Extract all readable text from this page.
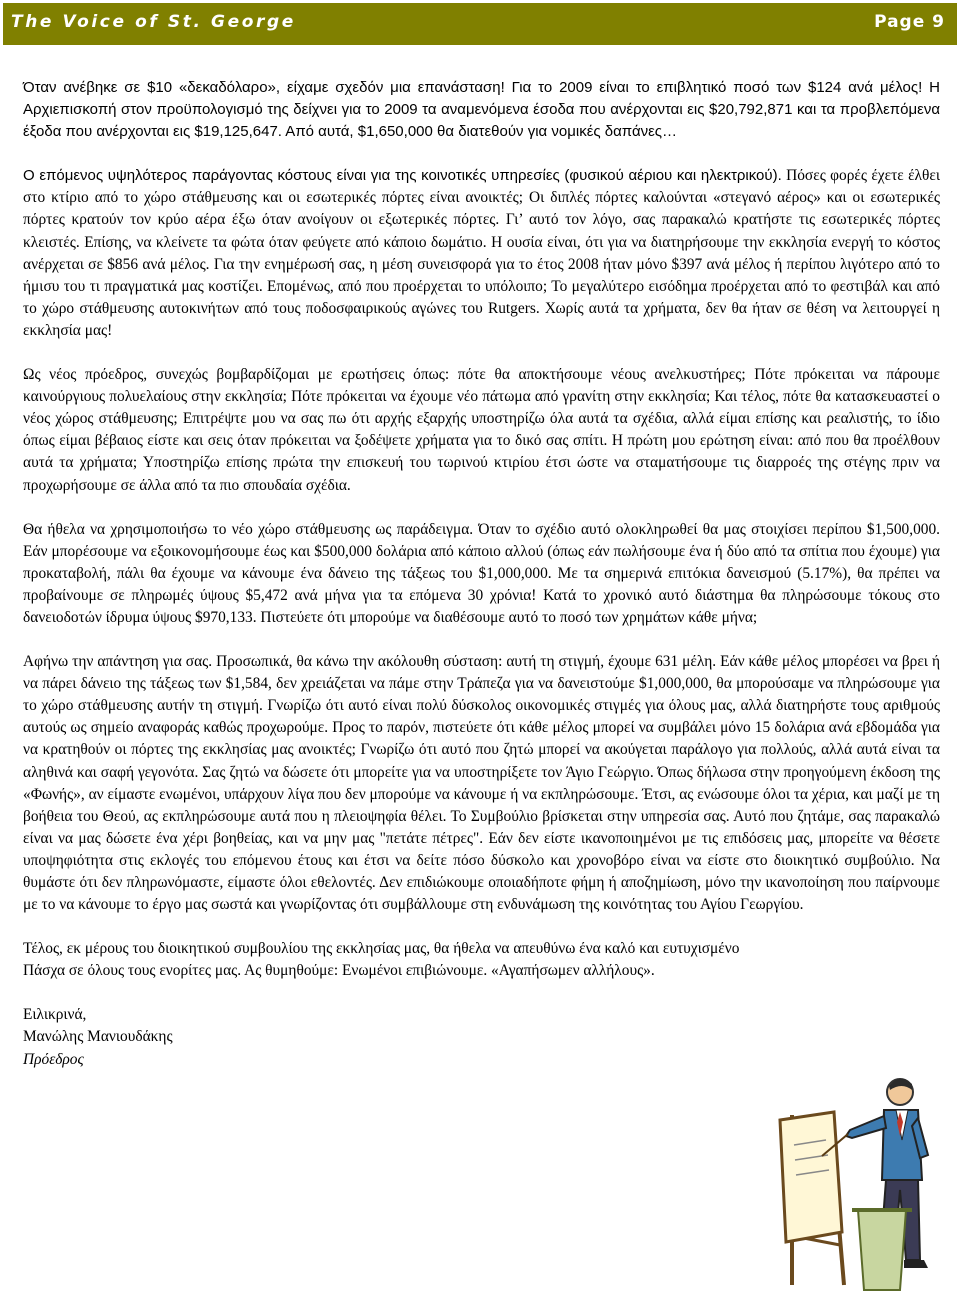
The Voice of St. George	Page 9

Όταν ανέβηκε σε $10 «δεκαδόλαρο», είχαμε σχεδόν μια επανάσταση! Για το 2009 είναι το επιβλητικό ποσό των $124 ανά μέλος! Η Αρχιεπισκοπή στον προϋπολογισμό της δείχνει για το 2009 τα αναμενόμενα έσοδα που ανέρχονται εις $20,792,871 και τα προβλεπόμενα έξοδα που ανέρχονται εις $19,125,647. Από αυτά, $1,650,000 θα διατεθούν για νομικές δαπάνες…

Ο επόμενος υψηλότερος παράγοντας κόστους είναι για της κοινοτικές υπηρεσίες (φυσικού αέριου και ηλεκτρικού). Πόσες φορές έχετε έλθει στο κτίριο από το χώρο στάθμευσης και οι εσωτερικές πόρτες είναι ανοικτές; Οι διπλές πόρτες καλούνται «στεγανό αέρος» και οι εσωτερικές πόρτες κρατούν τον κρύο αέρα έξω όταν ανοίγουν οι εξωτερικές πόρτες. Γι’ αυτό τον λόγο, σας παρακαλώ κρατήστε τις εσωτερικές πόρτες κλειστές. Επίσης, να κλείνετε τα φώτα όταν φεύγετε από κάποιο δωμάτιο. Η ουσία είναι, ότι για να διατηρήσουμε την εκκλησία ενεργή το κόστος ανέρχεται σε $856 ανά μέλος. Για την ενημέρωσή σας, η μέση συνεισφορά για το έτος 2008 ήταν μόνο $397 ανά μέλος ή περίπου λιγότερο από το ήμισυ του τι πραγματικά μας κοστίζει. Επομένως, από που προέρχεται το υπόλοιπο; Το μεγαλύτερο εισόδημα προέρχεται από το φεστιβάλ και από το χώρο στάθμευσης αυτοκινήτων από τους ποδοσφαιρικούς αγώνες του Rutgers. Χωρίς αυτά τα χρήματα, δεν θα ήταν σε θέση να λειτουργεί η εκκλησία μας!

Ως νέος πρόεδρος, συνεχώς βομβαρδίζομαι με ερωτήσεις όπως: πότε θα αποκτήσουμε νέους ανελκυστήρες; Πότε πρόκειται να πάρουμε καινούργιους πολυελαίους στην εκκλησία; Πότε πρόκειται να έχουμε νέο πάτωμα από γρανίτη στην εκκλησία; Και τέλος, πότε θα κατασκευαστεί ο νέος χώρος στάθμευσης; Επιτρέψτε μου να σας πω ότι αρχής εξαρχής υποστηρίζω όλα αυτά τα σχέδια, αλλά είμαι επίσης και ρεαλιστής, το ίδιο όπως είμαι βέβαιος είστε και σεις όταν πρόκειται να ξοδέψετε χρήματα για το δικό σας σπίτι. Η πρώτη μου ερώτηση είναι: από που θα προέλθουν αυτά τα χρήματα; Υποστηρίζω επίσης πρώτα την επισκευή του τωρινού κτιρίου έτσι ώστε να σταματήσουμε τις διαρροές της στέγης πριν να προχωρήσουμε σε άλλα από τα πιο σπουδαία σχέδια.

Θα ήθελα να χρησιμοποιήσω το νέο χώρο στάθμευσης ως παράδειγμα. Όταν το σχέδιο αυτό ολοκληρωθεί θα μας στοιχίσει περίπου $1,500,000. Εάν μπορέσουμε να εξοικονομήσουμε έως και $500,000 δολάρια από κάποιο αλλού (όπως εάν πωλήσουμε ένα ή δύο από τα σπίτια που έχουμε) για προκαταβολή, πάλι θα έχουμε να κάνουμε ένα δάνειο της τάξεως του $1,000,000. Με τα σημερινά επιτόκια δανεισμού (5.17%), θα πρέπει να προβαίνουμε σε πληρωμές ύψους $5,472 ανά μήνα για τα επόμενα 30 χρόνια! Κατά το χρονικό αυτό διάστημα θα πληρώσουμε τόκους στο δανειοδοτών ίδρυμα ύψους $970,133. Πιστεύετε ότι μπορούμε να διαθέσουμε αυτό το ποσό των χρημάτων κάθε μήνα;

Αφήνω την απάντηση για σας. Προσωπικά, θα κάνω την ακόλουθη σύσταση: αυτή τη στιγμή, έχουμε 631 μέλη. Εάν κάθε μέλος μπορέσει να βρει ή να πάρει δάνειο της τάξεως των $1,584, δεν χρειάζεται να πάμε στην Τράπεζα για να δανειστούμε $1,000,000, θα μπορούσαμε να πληρώσουμε για το χώρο στάθμευσης αυτήν τη στιγμή. Γνωρίζω ότι αυτό είναι πολύ δύσκολος οικονομικές στιγμές για όλους μας, αλλά διατηρήστε τους αριθμούς αυτούς ως σημείο αναφοράς καθώς προχωρούμε. Προς το παρόν, πιστεύετε ότι κάθε μέλος μπορεί να συμβάλει μόνο 15 δολάρια ανά εβδομάδα για να κρατηθούν οι πόρτες της εκκλησίας μας ανοικτές; Γνωρίζω ότι αυτό που ζητώ μπορεί να ακούγεται παράλογο για πολλούς, αλλά αυτά είναι τα αληθινά και σαφή γεγονότα. Σας ζητώ να δώσετε ότι μπορείτε για να υποστηρίξετε τον Άγιο Γεώργιο. Όπως δήλωσα στην προηγούμενη έκδοση της «Φωνής», αν είμαστε ενωμένοι, υπάρχουν λίγα που δεν μπορούμε να κάνουμε ή να εκπληρώσουμε. Έτσι, ας ενώσουμε όλοι τα χέρια, και μαζί με τη βοήθεια του Θεού, ας εκπληρώσουμε αυτά που η πλειοψηφία θέλει. Το Συμβούλιο βρίσκεται στην υπηρεσία σας. Αυτό που ζητάμε, σας παρακαλώ είναι να μας δώσετε ένα χέρι βοηθείας, και να μην μας "πετάτε πέτρες". Εάν δεν είστε ικανοποιημένοι με τις επιδόσεις μας, μπορείτε να θέσετε υποψηφιότητα στις εκλογές του επόμενου έτους και έτσι να δείτε πόσο δύσκολο και χρονοβόρο είναι να είστε στο διοικητικό συμβούλιο. Να θυμάστε ότι δεν πληρωνόμαστε, είμαστε όλοι εθελοντές. Δεν επιδιώκουμε οποιαδήποτε φήμη ή αποζημίωση, μόνο την ικανοποίηση που παίρνουμε με το να κάνουμε το έργο μας σωστά και γνωρίζοντας ότι συμβάλλουμε στη ενδυνάμωση της κοινότητας του Αγίου Γεωργίου.

Τέλος, εκ μέρους του διοικητικού συμβουλίου της εκκλησίας μας, θα ήθελα να απευθύνω ένα καλό και ευτυχισμένο Πάσχα σε όλους τους ενορίτες μας. Ας θυμηθούμε: Ενωμένοι επιβιώνουμε. «Αγαπήσωμεν αλλήλους».

Ειλικρινά,
Μανώλης Μανιουδάκης
Πρόεδρος
